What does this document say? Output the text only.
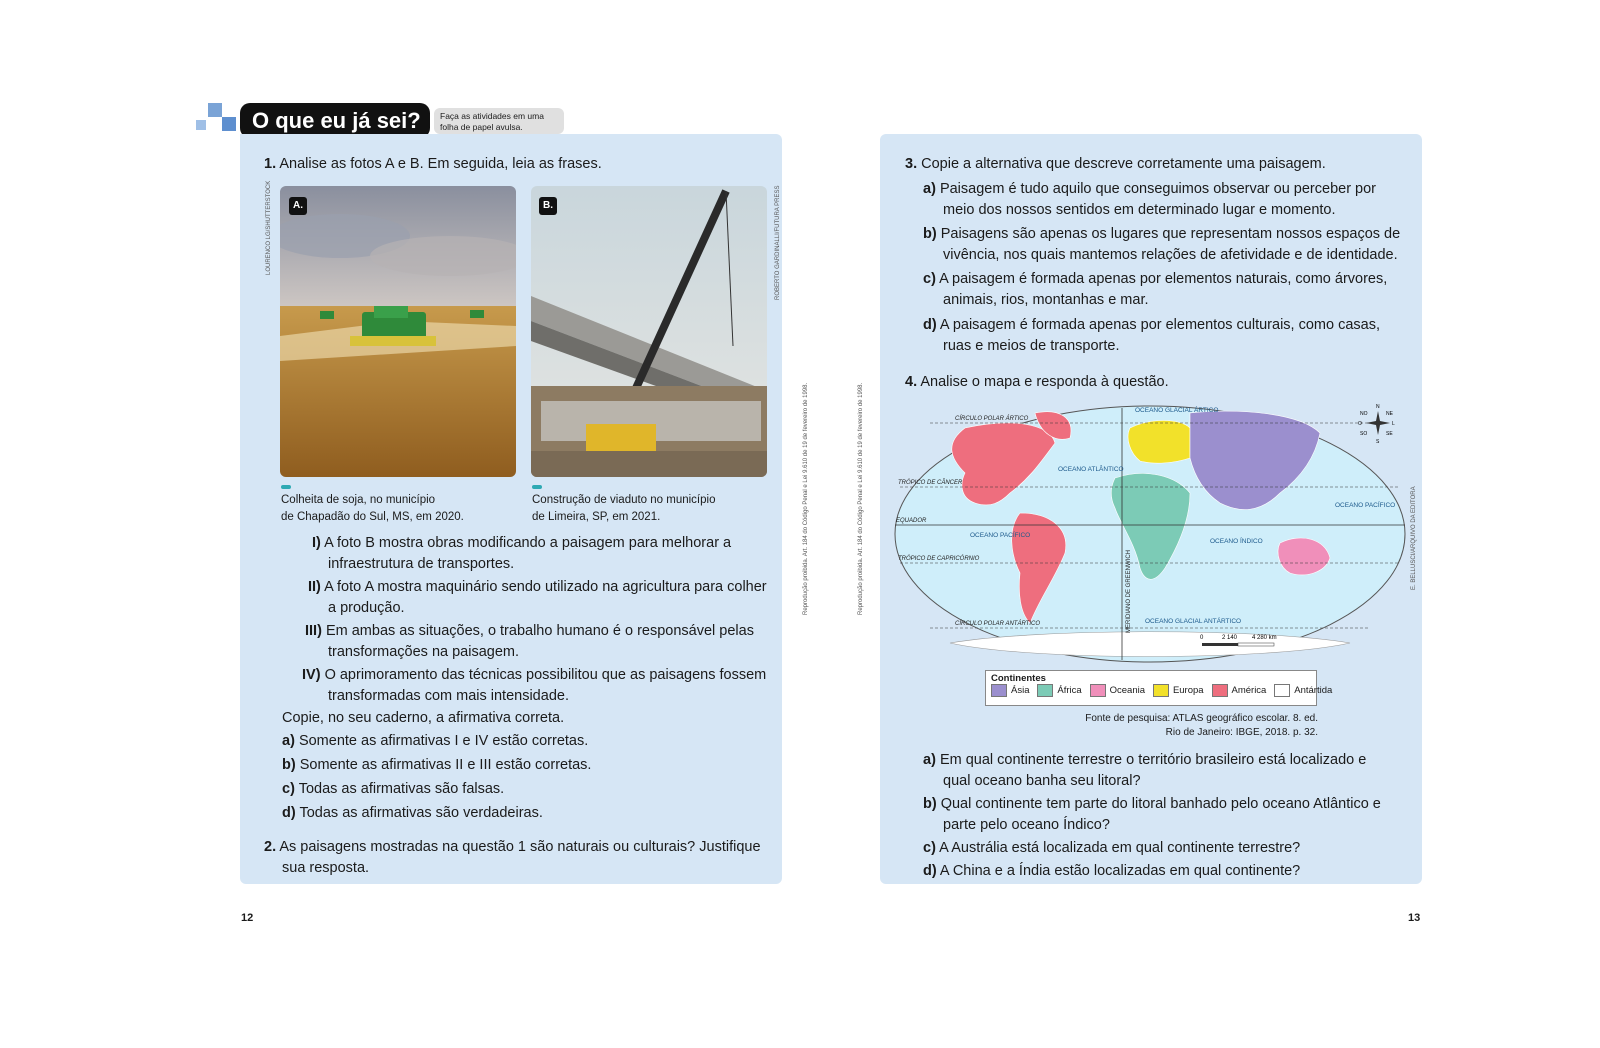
O que eu já sei?	Faça as atividades em uma folha de papel avulsa.
1. Analise as fotos A e B. Em seguida, leia as frases.
A.
LOURENCO LG/SHUTTERSTOCK	B.	ROBERTO GARDINALLI/FUTURA PRESS
Colheita de soja, no município
de Chapadão do Sul, MS, em 2020.
Construção de viaduto no município
de Limeira, SP, em 2021.
I) A foto B mostra obras modificando a paisagem para melhorar a
infraestrutura de transportes.
II) A foto A mostra maquinário sendo utilizado na agricultura para colher
a produção.
III) Em ambas as situações, o trabalho humano é o responsável pelas
transformações na paisagem.
IV) O aprimoramento das técnicas possibilitou que as paisagens fossem
transformadas com mais intensidade.
Copie, no seu caderno, a afirmativa correta.
a) Somente as afirmativas I e IV estão corretas.
b) Somente as afirmativas II e III estão corretas.
c) Todas as afirmativas são falsas.
d) Todas as afirmativas são verdadeiras.
2. As paisagens mostradas na questão 1 são naturais ou culturais? Justifique
sua resposta.
Reprodução proibida. Art. 184 do Código Penal e Lei 9.610 de 19 de fevereiro de 1998.	Reprodução proibida. Art. 184 do Código Penal e Lei 9.610 de 19 de fevereiro de 1998.
3. Copie a alternativa que descreve corretamente uma paisagem.
a) Paisagem é tudo aquilo que conseguimos observar ou perceber por
meio dos nossos sentidos em determinado lugar e momento.
b) Paisagens são apenas os lugares que representam nossos espaços de
vivência, nos quais mantemos relações de afetividade e de identidade.
c) A paisagem é formada apenas por elementos naturais, como árvores,
animais, rios, montanhas e mar.
d) A paisagem é formada apenas por elementos culturais, como casas,
ruas e meios de transporte.
4. Analise o mapa e responda à questão.
OCEANO GLACIAL ÁRTICO
CÍRCULO POLAR ÁRTICO
TRÓPICO DE CÂNCER
EQUADOR
TRÓPICO DE CAPRICÓRNIO
CÍRCULO POLAR ANTÁRTICO	OCEANO GLACIAL ANTÁRTICO
OCEANO ATLÂNTICO
OCEANO PACÍFICO
OCEANO PACÍFICO
OCEANO ÍNDICO
MERIDIANO DE GREENWICH
N
NE
NO
O	L
SO	SE
S
0	2 140 4 280 km
E. BELLUSCI/ARQUIVO DA EDITORA
Continentes
Ásia	África	Oceania	Europa	América	Antártida
Fonte de pesquisa: ATLAS geográfico escolar. 8. ed.
Rio de Janeiro: IBGE, 2018. p. 32.
a) Em qual continente terrestre o território brasileiro está localizado e
qual oceano banha seu litoral?
b) Qual continente tem parte do litoral banhado pelo oceano Atlântico e
parte pelo oceano Índico?
c) A Austrália está localizada em qual continente terrestre?
d) A China e a Índia estão localizadas em qual continente?
12	13
